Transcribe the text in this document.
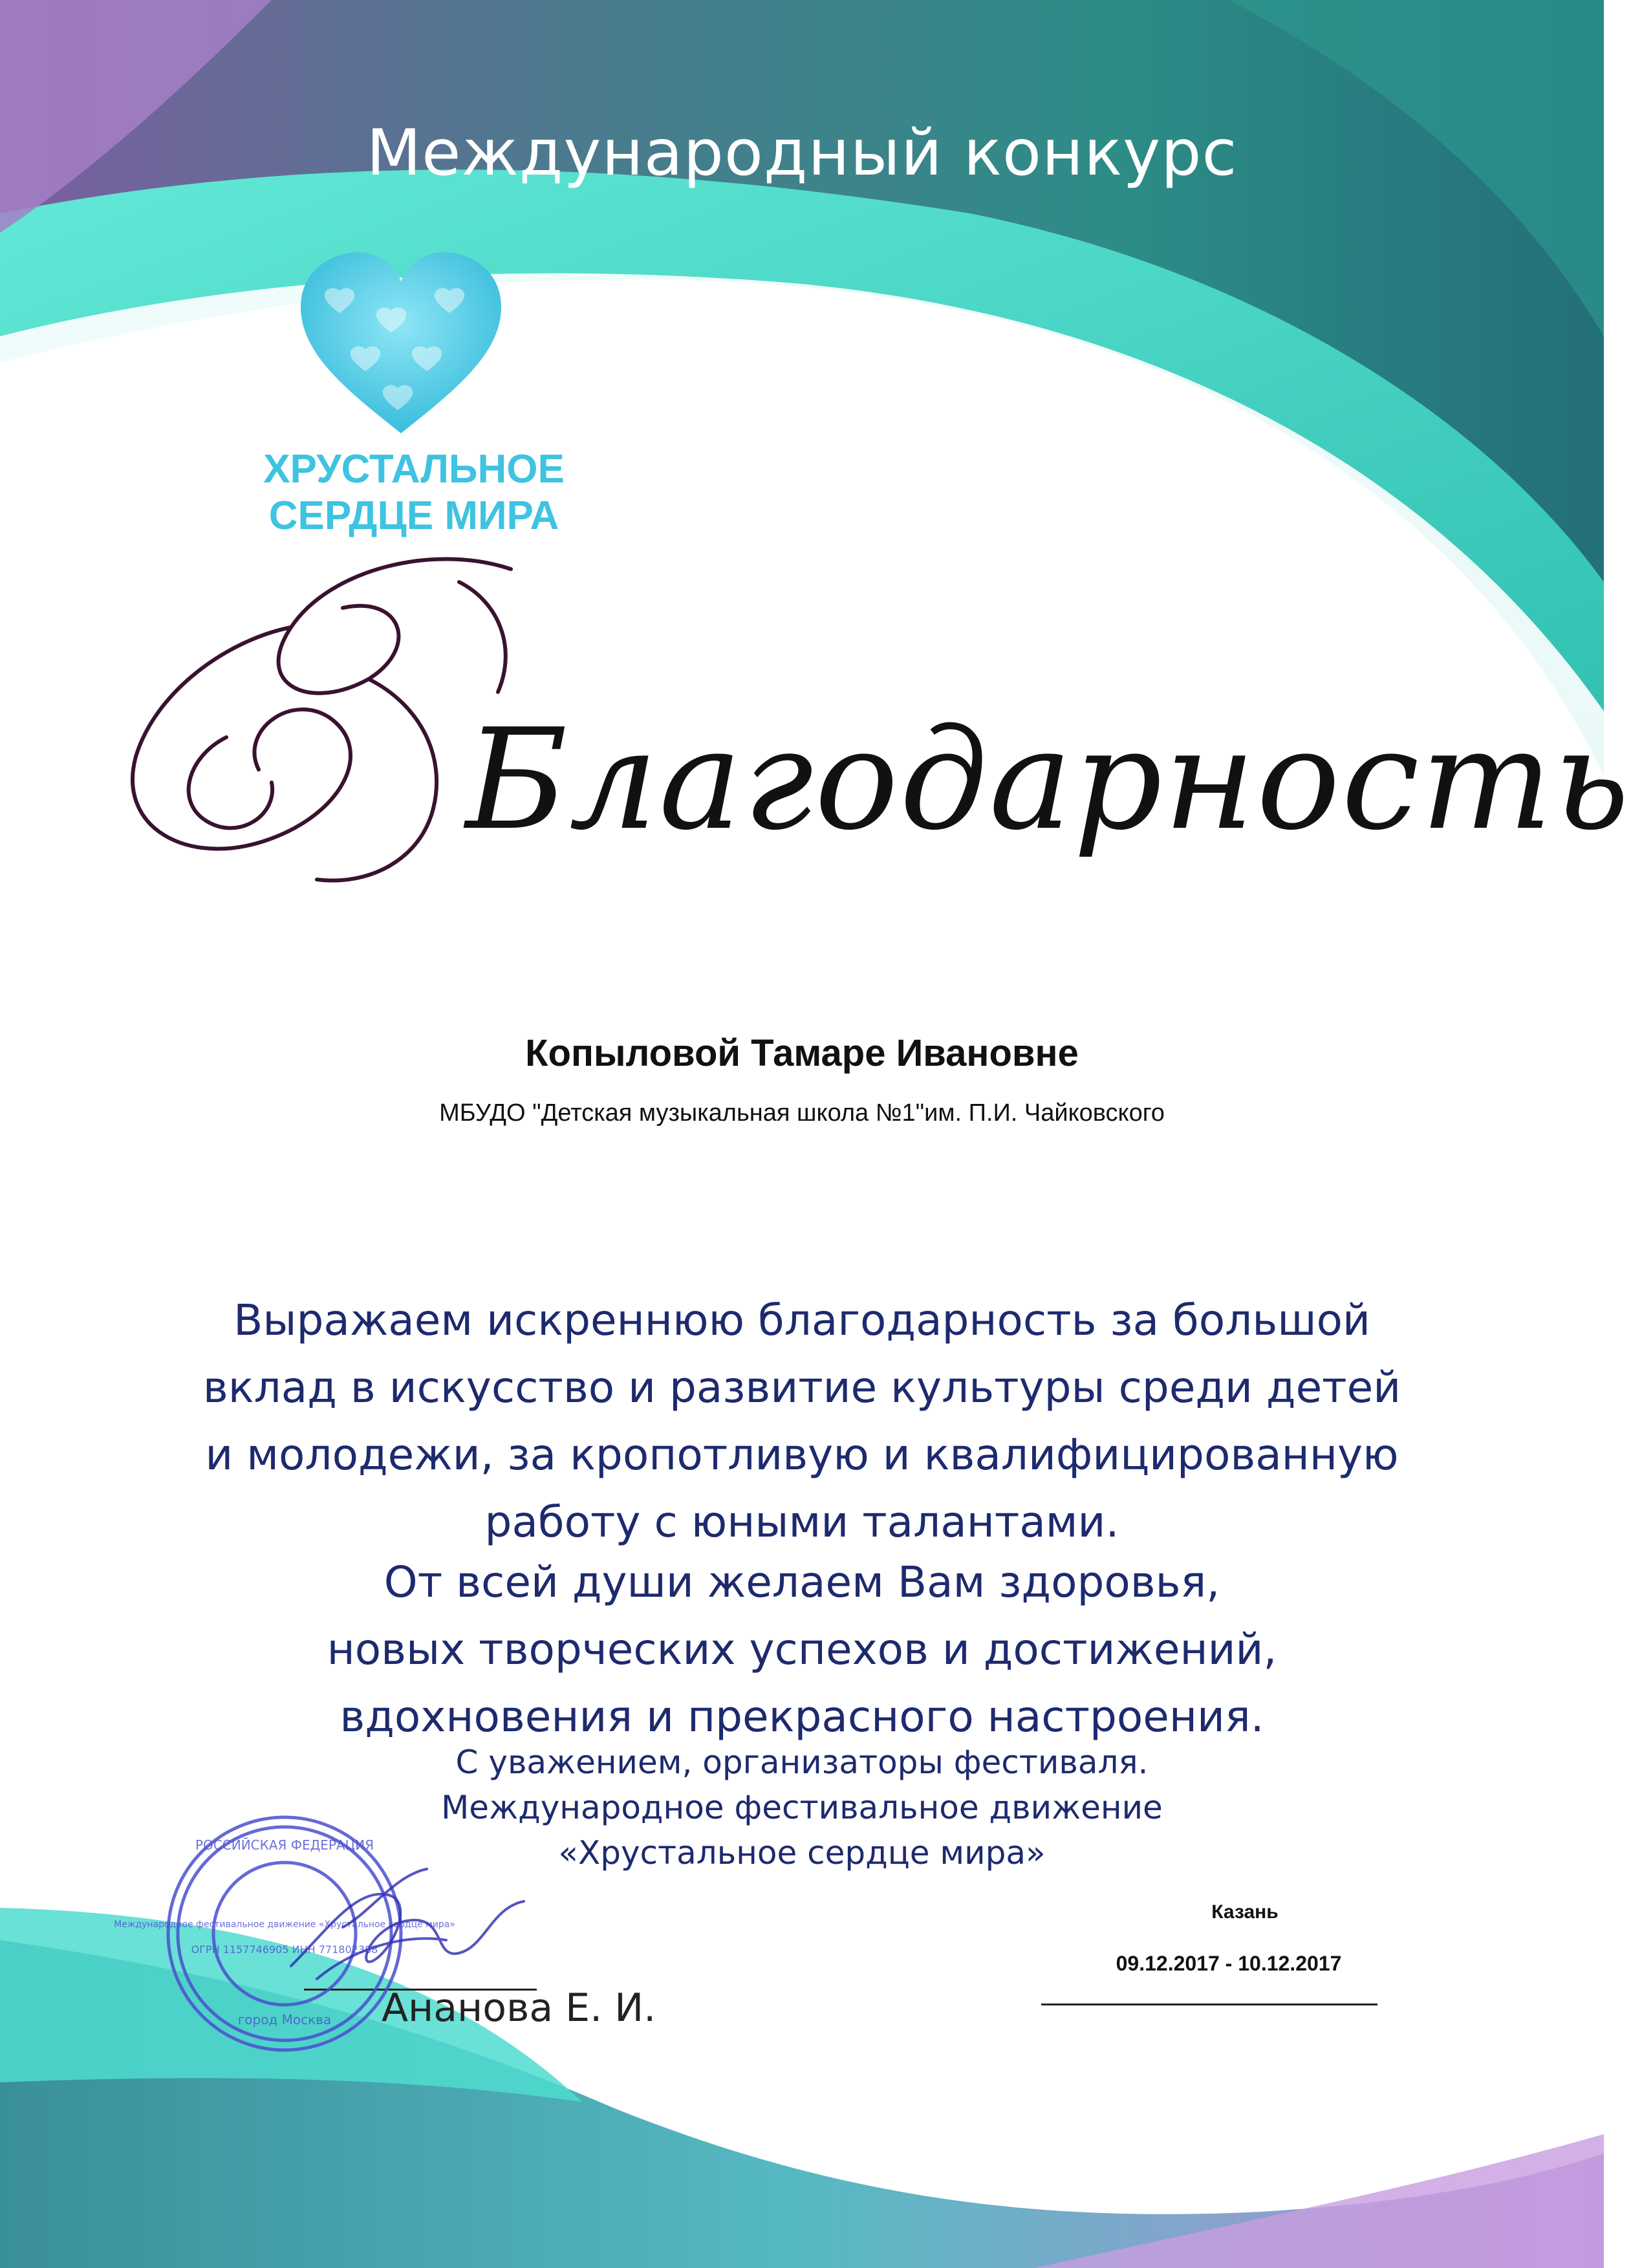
Международный конкурс
ХРУСТАЛЬНОЕ
СЕРДЦЕ МИРА
Благодарность
Копыловой Тамаре Ивановне
МБУДО "Детская музыкальная школа №1"им. П.И. Чайковского
Выражаем искреннюю благодарность за большой
вклад в искусство и развитие культуры среди детей
и молодежи, за кропотливую и квалифицированную
работу с юными талантами.
От всей души желаем Вам здоровья,
новых творческих успехов и достижений,
вдохновения и прекрасного настроения.
С уважением, организаторы фестиваля.
Международное фестивальное движение
«Хрустальное сердце мира»
Казань
09.12.2017 - 10.12.2017
Ананова Е. И.
РОССИЙСКАЯ ФЕДЕРАЦИЯ
Международное фестивальное движение «Хрустальное сердце мира»
ОГРН 1157746905 ИНН 771802388
город Москва
